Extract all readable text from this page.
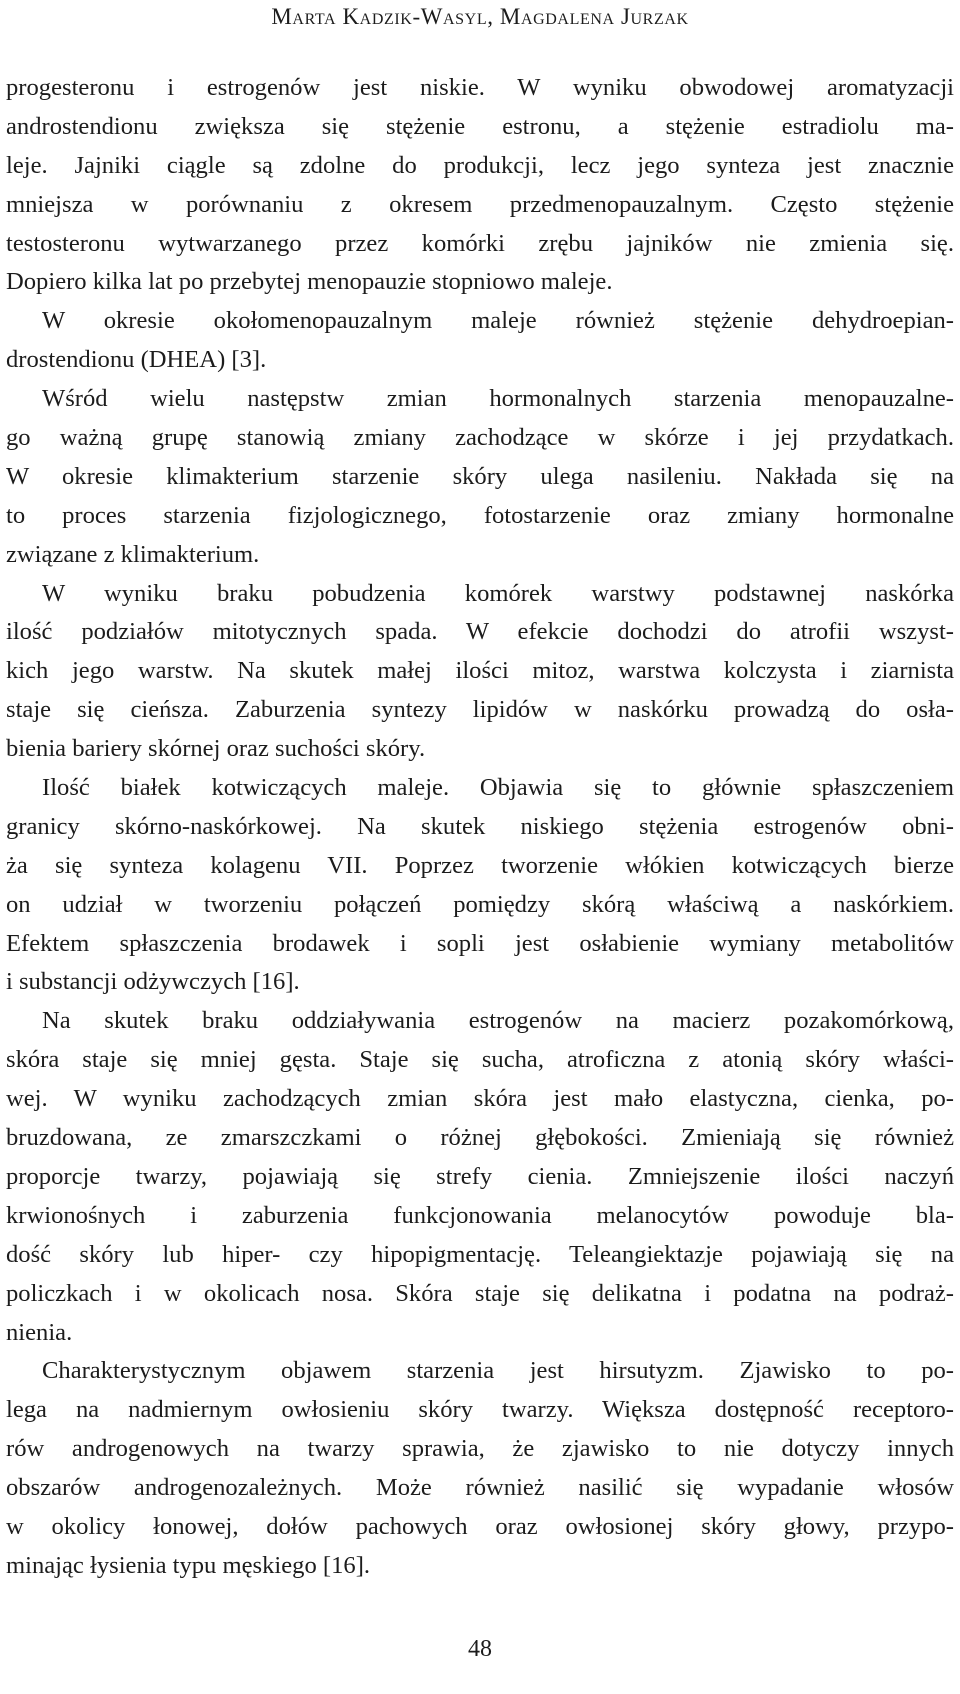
Marta Kadzik-Wasyl, Magdalena Jurzak

progesteronu i estrogenów jest niskie. W wyniku obwodowej aromatyzacji
androstendionu zwiększa się stężenie estronu, a stężenie estradiolu ma-
leje. Jajniki ciągle są zdolne do produkcji, lecz jego synteza jest znacznie
mniejsza w porównaniu z okresem przedmenopauzalnym. Często stężenie
testosteronu wytwarzanego przez komórki zrębu jajników nie zmienia się.
Dopiero kilka lat po przebytej menopauzie stopniowo maleje.

W okresie okołomenopauzalnym maleje również stężenie dehydroepian-
drostendionu (DHEA) [3].

Wśród wielu następstw zmian hormonalnych starzenia menopauzalne-
go ważną grupę stanowią zmiany zachodzące w skórze i jej przydatkach.
W okresie klimakterium starzenie skóry ulega nasileniu. Nakłada się na
to proces starzenia fizjologicznego, fotostarzenie oraz zmiany hormonalne
związane z klimakterium.

W wyniku braku pobudzenia komórek warstwy podstawnej naskórka
ilość podziałów mitotycznych spada. W efekcie dochodzi do atrofii wszyst-
kich jego warstw. Na skutek małej ilości mitoz, warstwa kolczysta i ziarnista
staje się cieńsza. Zaburzenia syntezy lipidów w naskórku prowadzą do osła-
bienia bariery skórnej oraz suchości skóry.

Ilość białek kotwiczących maleje. Objawia się to głównie spłaszczeniem
granicy skórno-naskórkowej. Na skutek niskiego stężenia estrogenów obni-
ża się synteza kolagenu VII. Poprzez tworzenie włókien kotwiczących bierze
on udział w tworzeniu połączeń pomiędzy skórą właściwą a naskórkiem.
Efektem spłaszczenia brodawek i sopli jest osłabienie wymiany metabolitów
i substancji odżywczych [16].

Na skutek braku oddziaływania estrogenów na macierz pozakomórkową,
skóra staje się mniej gęsta. Staje się sucha, atroficzna z atonią skóry właści-
wej. W wyniku zachodzących zmian skóra jest mało elastyczna, cienka, po-
bruzdowana, ze zmarszczkami o różnej głębokości. Zmieniają się również
proporcje twarzy, pojawiają się strefy cienia. Zmniejszenie ilości naczyń
krwionośnych i zaburzenia funkcjonowania melanocytów powoduje bla-
dość skóry lub hiper- czy hipopigmentację. Teleangiektazje pojawiają się na
policzkach i w okolicach nosa. Skóra staje się delikatna i podatna na podraż-
nienia.

Charakterystycznym objawem starzenia jest hirsutyzm. Zjawisko to po-
lega na nadmiernym owłosieniu skóry twarzy. Większa dostępność receptoro-
rów androgenowych na twarzy sprawia, że zjawisko to nie dotyczy innych
obszarów androgenozależnych. Może również nasilić się wypadanie włosów
w okolicy łonowej, dołów pachowych oraz owłosionej skóry głowy, przypo-
minając łysienia typu męskiego [16].

48
